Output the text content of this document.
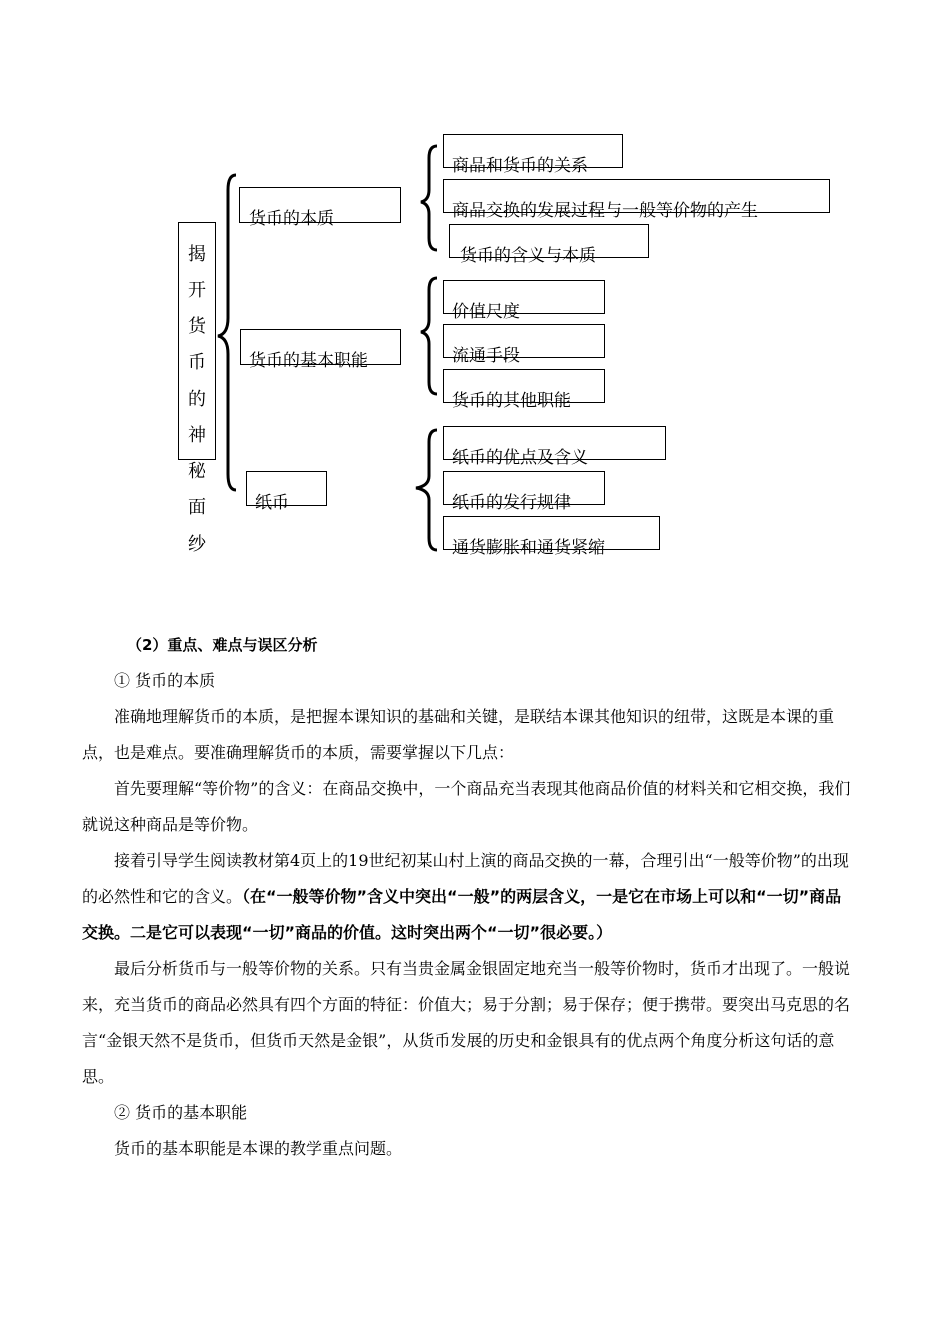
揭
开
货
币
的
神
秘
面
纱
货币的本质
货币的基本职能
纸币
商品和货币的关系
商品交换的发展过程与一般等价物的产生
货币的含义与本质
价值尺度
流通手段
货币的其他职能
纸币的优点及含义
纸币的发行规律
通货膨胀和通货紧缩

（2）重点、难点与误区分析

① 货币的本质

准确地理解货币的本质，是把握本课知识的基础和关键，是联结本课其他知识的纽带，这既是本课的重点，也是难点。要准确理解货币的本质，需要掌握以下几点：

首先要理解“等价物”的含义：在商品交换中，一个商品充当表现其他商品价值的材料关和它相交换，我们就说这种商品是等价物。

接着引导学生阅读教材第4页上的19世纪初某山村上演的商品交换的一幕，合理引出“一般等价物”的出现的必然性和它的含义。（在“一般等价物”含义中突出“一般”的两层含义，一是它在市场上可以和“一切”商品交换。二是它可以表现“一切”商品的价值。这时突出两个“一切”很必要。）

最后分析货币与一般等价物的关系。只有当贵金属金银固定地充当一般等价物时，货币才出现了。一般说来，充当货币的商品必然具有四个方面的特征：价值大；易于分割；易于保存；便于携带。要突出马克思的名言“金银天然不是货币，但货币天然是金银”，从货币发展的历史和金银具有的优点两个角度分析这句话的意思。

② 货币的基本职能

货币的基本职能是本课的教学重点问题。
